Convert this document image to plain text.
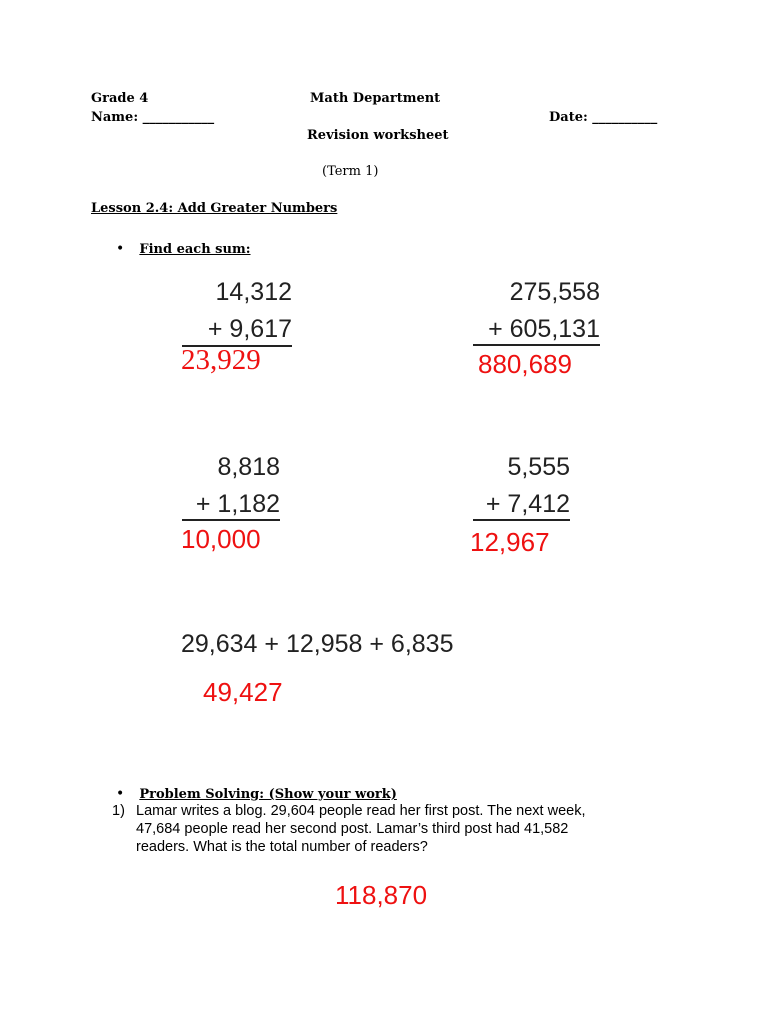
Grade 4	Math Department
Name: ___________	Date: __________
Revision worksheet
(Term 1)
Lesson 2.4: Add Greater Numbers
• Find each sum:
14,312
+ 9,617
23,929
275,558
+ 605,131
880,689
8,818
+ 1,182
10,000
5,555
+ 7,412
12,967
29,634 + 12,958 + 6,835
49,427
• Problem Solving: (Show your work)
1) Lamar writes a blog. 29,604 people read her first post. The next week,
47,684 people read her second post. Lamar’s third post had 41,582
readers. What is the total number of readers?
118,870
